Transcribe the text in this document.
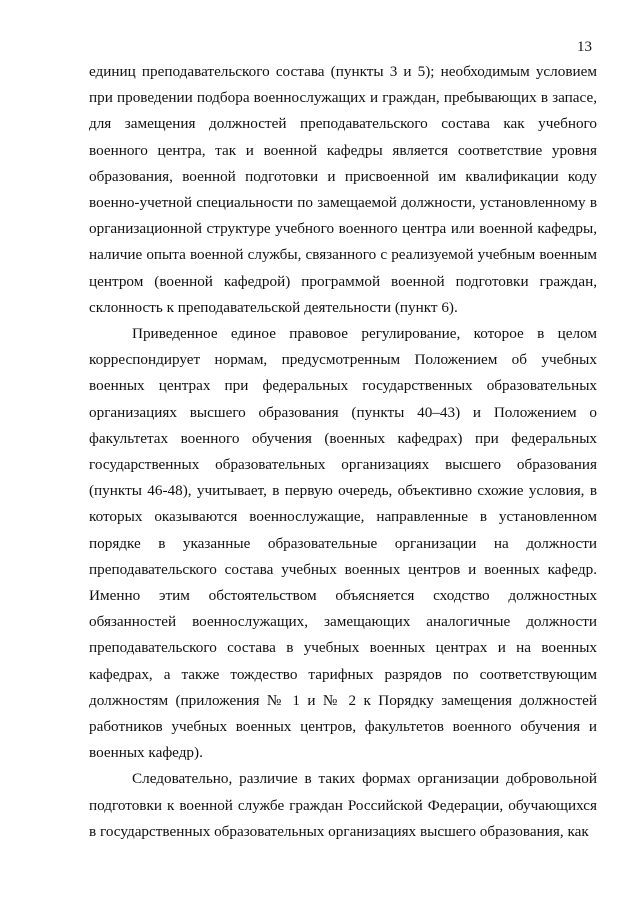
13

единиц преподавательского состава (пункты 3 и 5); необходимым условием при проведении подбора военнослужащих и граждан, пребывающих в запасе, для замещения должностей преподавательского состава как учебного военного центра, так и военной кафедры является соответствие уровня образования, военной подготовки и присвоенной им квалификации коду военно-учетной специальности по замещаемой должности, установленному в организационной структуре учебного военного центра или военной кафедры, наличие опыта военной службы, связанного с реализуемой учебным военным центром (военной кафедрой) программой военной подготовки граждан, склонность к преподавательской деятельности (пункт 6).

Приведенное единое правовое регулирование, которое в целом корреспондирует нормам, предусмотренным Положением об учебных военных центрах при федеральных государственных образовательных организациях высшего образования (пункты 40–43) и Положением о факультетах военного обучения (военных кафедрах) при федеральных государственных образовательных организациях высшего образования (пункты 46-48), учитывает, в первую очередь, объективно схожие условия, в которых оказываются военнослужащие, направленные в установленном порядке в указанные образовательные организации на должности преподавательского состава учебных военных центров и военных кафедр. Именно этим обстоятельством объясняется сходство должностных обязанностей военнослужащих, замещающих аналогичные должности преподавательского состава в учебных военных центрах и на военных кафедрах, а также тождество тарифных разрядов по соответствующим должностям (приложения № 1 и № 2 к Порядку замещения должностей работников учебных военных центров, факультетов военного обучения и военных кафедр).

Следовательно, различие в таких формах организации добровольной подготовки к военной службе граждан Российской Федерации, обучающихся в государственных образовательных организациях высшего образования, как
